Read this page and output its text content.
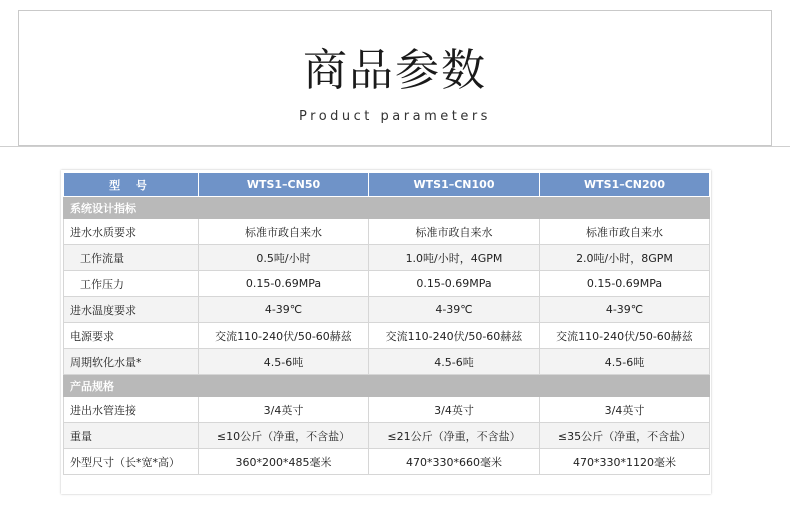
商品参数
Product parameters
型 号	WTS1–CN50	WTS1–CN100	WTS1–CN200
系统设计指标			
进水水质要求	标准市政自来水	标准市政自来水	标准市政自来水
工作流量	0.5吨/小时	1.0吨/小时，4GPM	2.0吨/小时，8GPM
工作压力	0.15-0.69MPa	0.15-0.69MPa	0.15-0.69MPa
进水温度要求	4-39℃	4-39℃	4-39℃
电源要求	交流110-240伏/50-60赫兹	交流110-240伏/50-60赫兹	交流110-240伏/50-60赫兹
周期软化水量*	4.5-6吨	4.5-6吨	4.5-6吨
产品规格			
进出水管连接	3/4英寸	3/4英寸	3/4英寸
重量	≤10公斤（净重，不含盐）	≤21公斤（净重，不含盐）	≤35公斤（净重，不含盐）
外型尺寸（长*宽*高）	360*200*485毫米	470*330*660毫米	470*330*1120毫米
